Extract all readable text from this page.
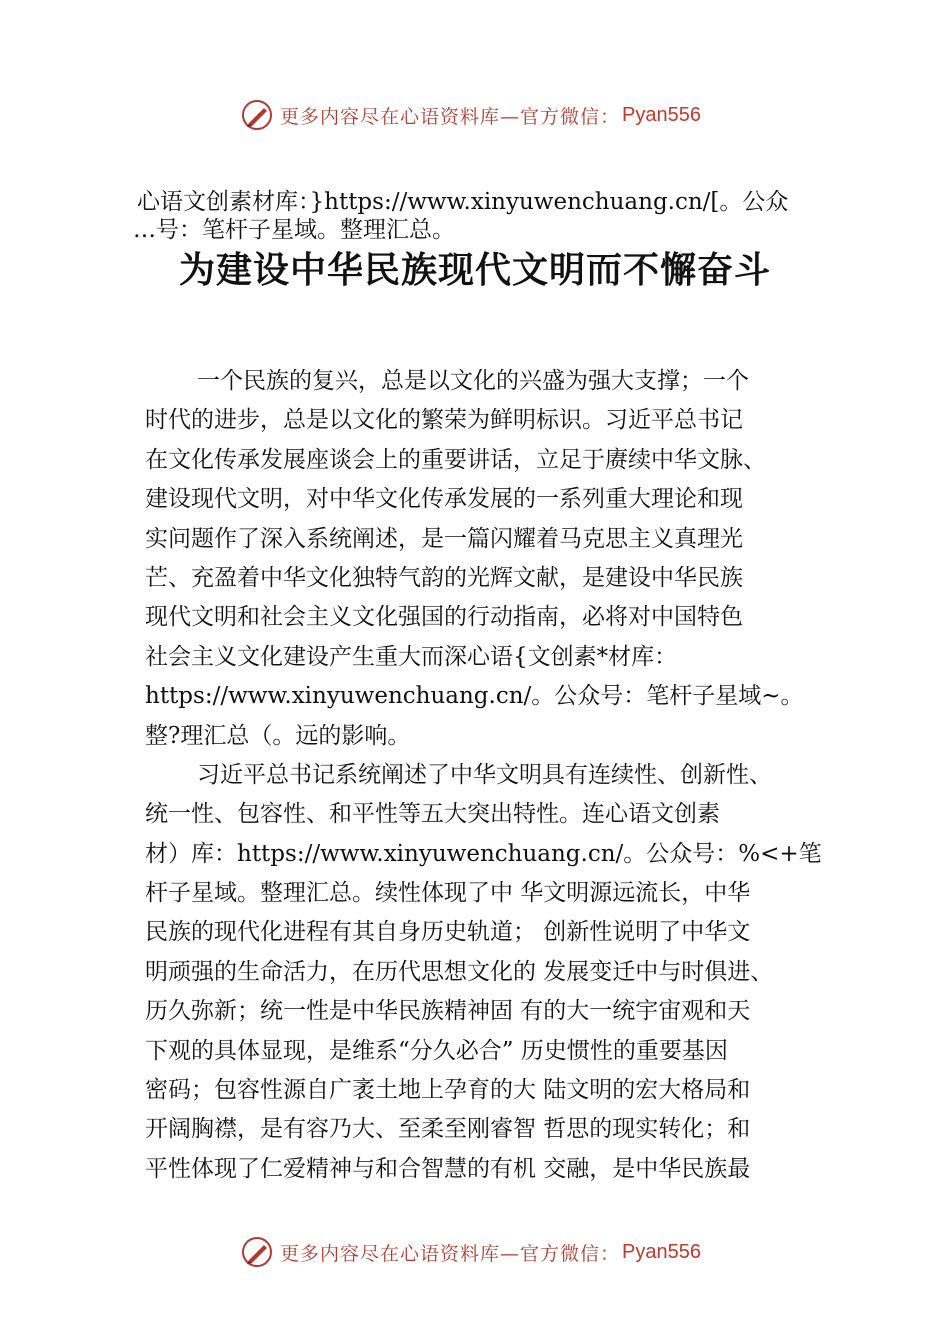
更多内容尽在心语资料库—官方微信： Pyan556
心语文创素材库：}https://www.xinyuwenchuang.cn/[。公众
…号：笔杆子星域。整理汇总。
为建设中华民族现代文明而不懈奋斗
一个民族的复兴，总是以文化的兴盛为强大支撑；一个
时代的进步，总是以文化的繁荣为鲜明标识。习近平总书记
在文化传承发展座谈会上的重要讲话，立足于赓续中华文脉、
建设现代文明，对中华文化传承发展的一系列重大理论和现
实问题作了深入系统阐述，是一篇闪耀着马克思主义真理光
芒、充盈着中华文化独特气韵的光辉文献，是建设中华民族
现代文明和社会主义文化强国的行动指南，必将对中国特色
社会主义文化建设产生重大而深心语{文创素*材库：
https://www.xinyuwenchuang.cn/。公众号：笔杆子星域~。
整?理汇总（。远的影响。
习近平总书记系统阐述了中华文明具有连续性、创新性、
统一性、包容性、和平性等五大突出特性。连心语文创素
材）库：https://www.xinyuwenchuang.cn/。公众号：%<+笔
杆子星域。整理汇总。续性体现了中 华文明源远流长，中华
民族的现代化进程有其自身历史轨道； 创新性说明了中华文
明顽强的生命活力，在历代思想文化的 发展变迁中与时俱进、
历久弥新；统一性是中华民族精神固 有的大一统宇宙观和天
下观的具体显现，是维系“分久必合” 历史惯性的重要基因
密码；包容性源自广袤土地上孕育的大 陆文明的宏大格局和
开阔胸襟，是有容乃大、至柔至刚睿智 哲思的现实转化；和
平性体现了仁爱精神与和合智慧的有机 交融，是中华民族最
更多内容尽在心语资料库—官方微信： Pyan556
